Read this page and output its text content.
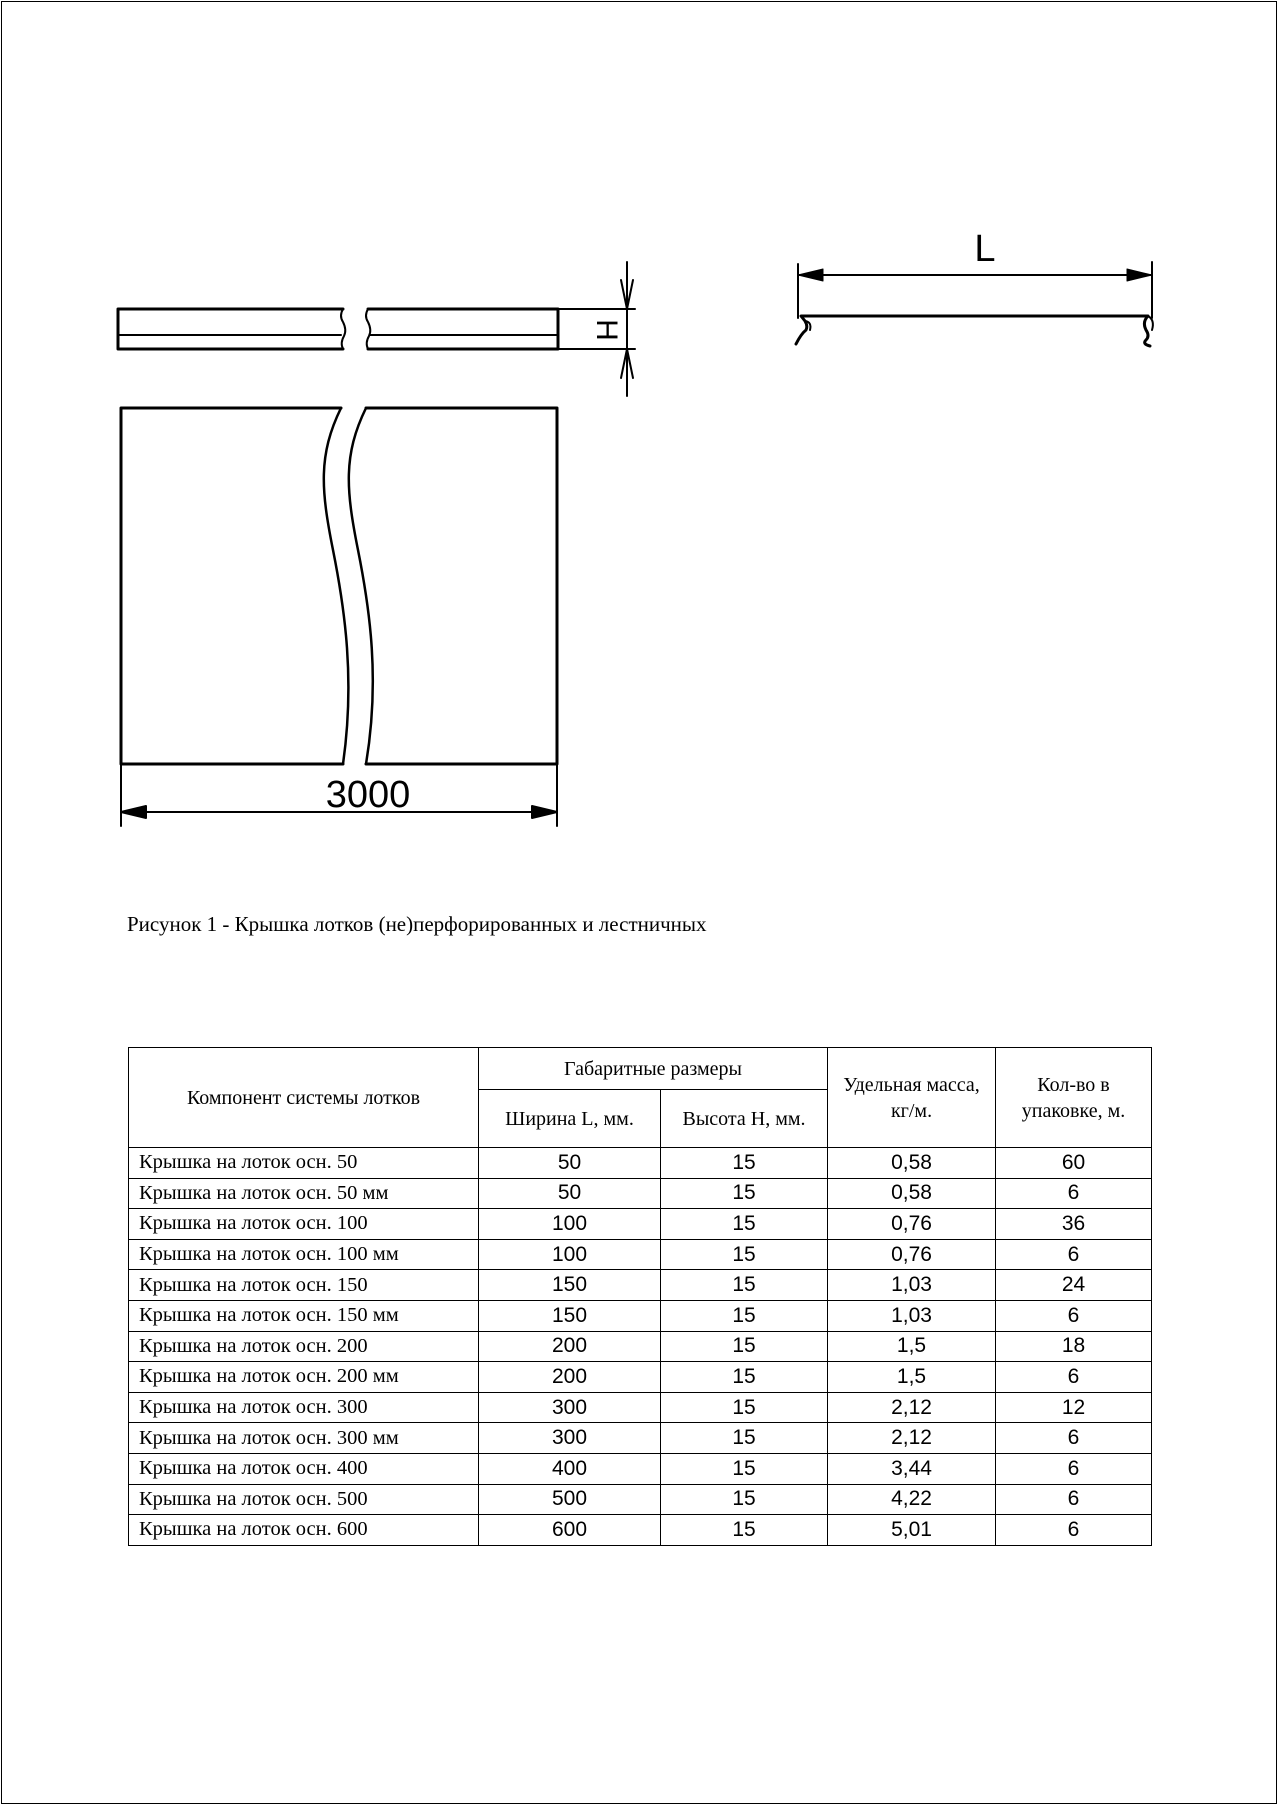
3000
L
H
Рисунок 1 - Крышка лотков (не)перфорированных и лестничных
Компонент системы лотков	Габаритные размеры		Удельная масса, кг/м.	Кол-во в упаковке, м.
	Ширина L, мм.	Высота Н, мм.		
Крышка на лоток осн. 50	50	15	0,58	60
Крышка на лоток осн. 50 мм	50	15	0,58	6
Крышка на лоток осн. 100	100	15	0,76	36
Крышка на лоток осн. 100 мм	100	15	0,76	6
Крышка на лоток осн. 150	150	15	1,03	24
Крышка на лоток осн. 150 мм	150	15	1,03	6
Крышка на лоток осн. 200	200	15	1,5	18
Крышка на лоток осн. 200 мм	200	15	1,5	6
Крышка на лоток осн. 300	300	15	2,12	12
Крышка на лоток осн. 300 мм	300	15	2,12	6
Крышка на лоток осн. 400	400	15	3,44	6
Крышка на лоток осн. 500	500	15	4,22	6
Крышка на лоток осн. 600	600	15	5,01	6
